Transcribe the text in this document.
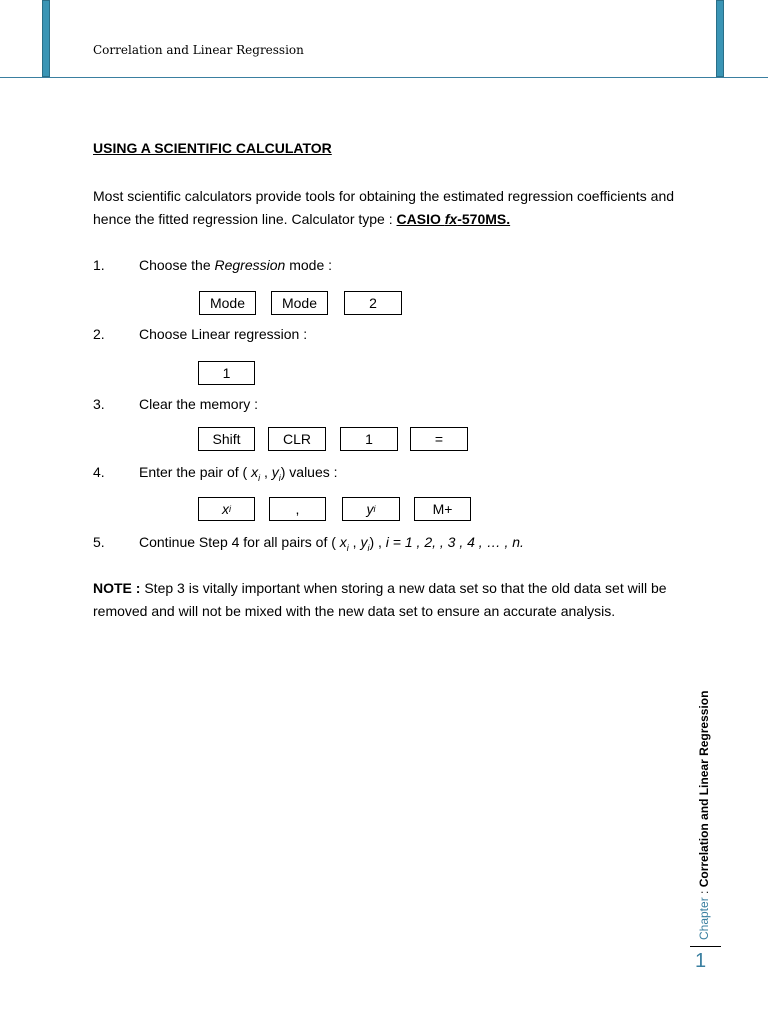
Correlation and Linear Regression
USING A SCIENTIFIC CALCULATOR
Most scientific calculators provide tools for obtaining the estimated regression coefficients and hence the fitted regression line. Calculator type : CASIO fx-570MS.
1. Choose the Regression mode :
Mode	Mode	2
2. Choose Linear regression :
1
3. Clear the memory :
Shift	CLR	1	=
4. Enter the pair of ( $x_i$ , $y_i$) values :
x i	,	y i	M+
5. Continue Step 4 for all pairs of ( $x_i$ , $y_i$) , i = 1 , 2, , 3 , 4 , … , n.
NOTE : Step 3 is vitally important when storing a new data set so that the old data set will be removed and will not be mixed with the new data set to ensure an accurate analysis.
Chapter : Correlation and Linear Regression
1
